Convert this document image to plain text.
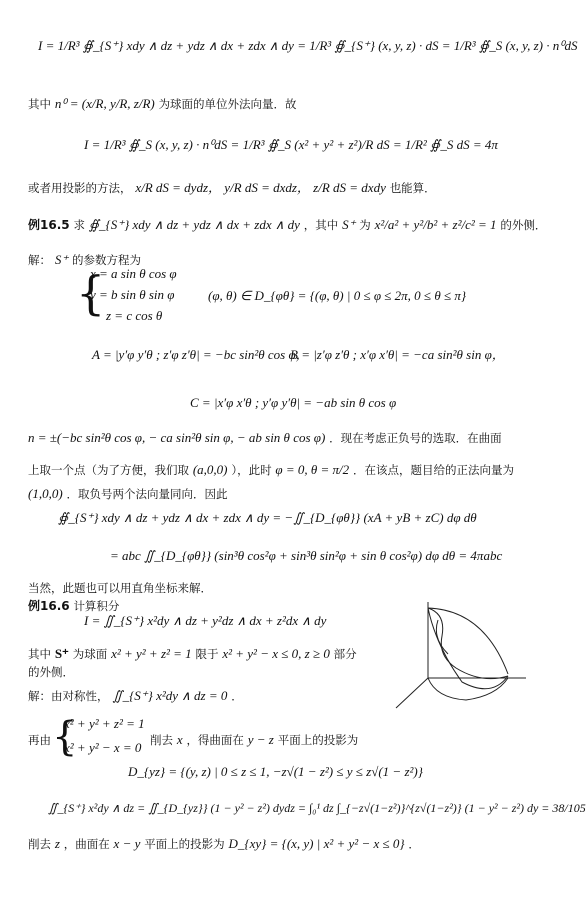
I = 1/R³ ∯_{S⁺} xdy ∧ dz + ydz ∧ dx + zdx ∧ dy = 1/R³ ∯_{S⁺} (x, y, z) · dS = 1/R³ ∯_S (x, y, z) · n⁰dS
其中 n⁰ = (x/R, y/R, z/R) 为球面的单位外法向量．故
I = 1/R³ ∯_S (x, y, z) · n⁰dS = 1/R³ ∯_S (x² + y² + z²)/R dS = 1/R² ∯_S dS = 4π
或者用投影的方法， x/R dS = dydz， y/R dS = dxdz， z/R dS = dxdy 也能算．
例16.5 求 ∯_{S⁺} xdy ∧ dz + ydz ∧ dx + zdx ∧ dy ，其中 S⁺ 为 x²/a² + y²/b² + z²/c² = 1 的外侧．
解： S⁺ 的参数方程为
{
x = a sin θ cos φ
y = b sin θ sin φ
z = c cos θ
(φ, θ) ∈ D_{φθ} = {(φ, θ) | 0 ≤ φ ≤ 2π, 0 ≤ θ ≤ π}
A = |y′φ y′θ ; z′φ z′θ| = −bc sin²θ cos φ，
B = |z′φ z′θ ; x′φ x′θ| = −ca sin²θ sin φ，
C = |x′φ x′θ ; y′φ y′θ| = −ab sin θ cos φ
n = ±(−bc sin²θ cos φ, − ca sin²θ sin φ, − ab sin θ cos φ) ．现在考虑正负号的选取．在曲面
上取一个点（为了方便，我们取 (a,0,0) ），此时 φ = 0, θ = π/2 ．在该点，题目给的正法向量为
(1,0,0) ．取负号两个法向量同向．因此
∯_{S⁺} xdy ∧ dz + ydz ∧ dx + zdx ∧ dy = −∬_{D_{φθ}} (xA + yB + zC) dφ dθ
= abc ∬_{D_{φθ}} (sin³θ cos²φ + sin³θ sin²φ + sin θ cos²φ) dφ dθ = 4πabc
当然，此题也可以用直角坐标来解．
例16.6 计算积分
I = ∬_{S⁺} x²dy ∧ dz + y²dz ∧ dx + z²dx ∧ dy
其中 S⁺ 为球面 x² + y² + z² = 1 限于 x² + y² − x ≤ 0, z ≥ 0 部分
的外侧．
解：由对称性， ∬_{S⁺} x²dy ∧ dz = 0 ．
再由 {
x² + y² + z² = 1
x² + y² − x = 0 削去 x ，得曲面在 y − z 平面上的投影为
D_{yz} = {(y, z) | 0 ≤ z ≤ 1, −z√(1 − z²) ≤ y ≤ z√(1 − z²)}
∬_{S⁺} x²dy ∧ dz = ∬_{D_{yz}} (1 − y² − z²) dydz = ∫₀¹ dz ∫_{−z√(1−z²)}^{z√(1−z²)} (1 − y² − z²) dy = 38/105
削去 z ，曲面在 x − y 平面上的投影为 D_{xy} = {(x, y) | x² + y² − x ≤ 0} ．
